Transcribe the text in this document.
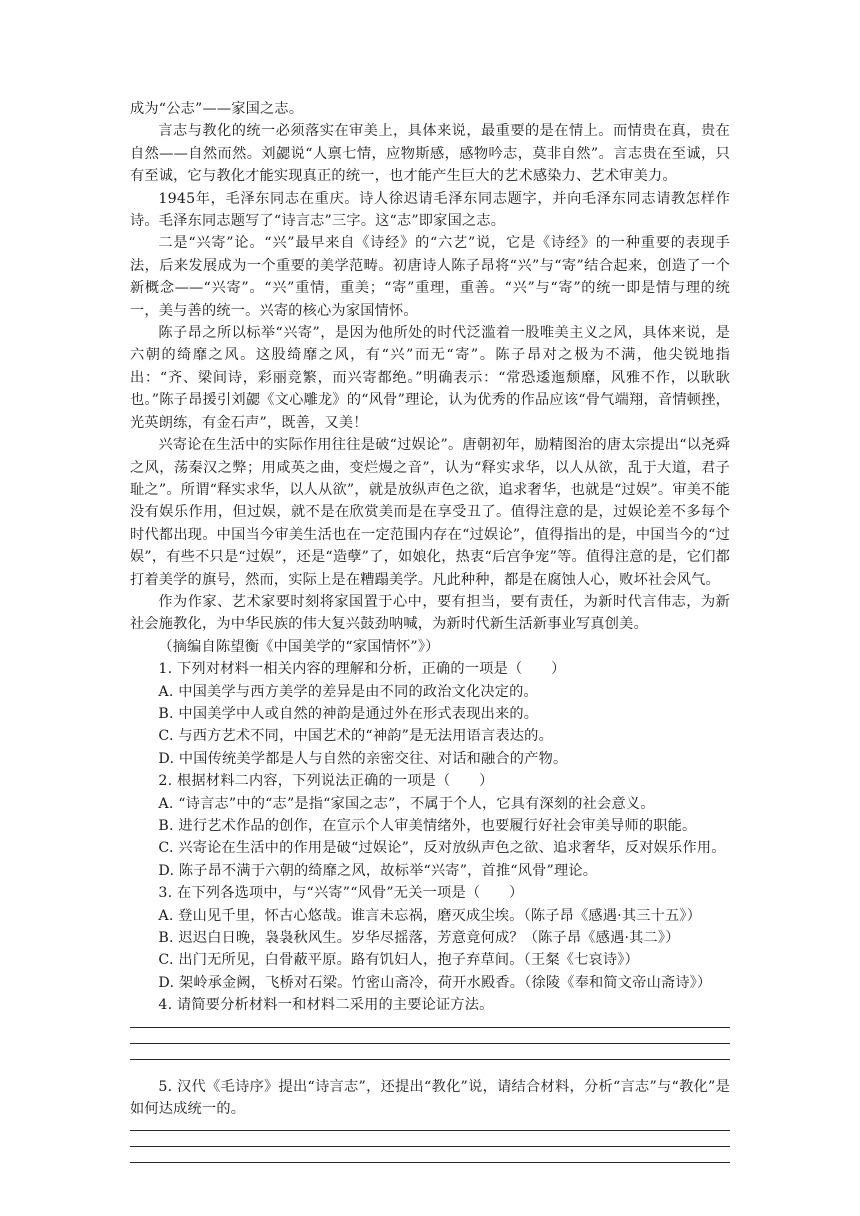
成为“公志”——家国之志。

言志与教化的统一必须落实在审美上，具体来说，最重要的是在情上。而情贵在真，贵在自然——自然而然。刘勰说“人禀七情，应物斯感，感物吟志，莫非自然”。言志贵在至诚，只有至诚，它与教化才能实现真正的统一，也才能产生巨大的艺术感染力、艺术审美力。

1945年，毛泽东同志在重庆。诗人徐迟请毛泽东同志题字，并向毛泽东同志请教怎样作诗。毛泽东同志题写了“诗言志”三字。这“志”即家国之志。

二是“兴寄”论。“兴”最早来自《诗经》的“六艺”说，它是《诗经》的一种重要的表现手法，后来发展成为一个重要的美学范畴。初唐诗人陈子昂将“兴”与“寄”结合起来，创造了一个新概念——“兴寄”。“兴”重情，重美；“寄”重理，重善。“兴”与“寄”的统一即是情与理的统一，美与善的统一。兴寄的核心为家国情怀。

陈子昂之所以标举“兴寄”，是因为他所处的时代泛滥着一股唯美主义之风，具体来说，是六朝的绮靡之风。这股绮靡之风，有“兴”而无“寄”。陈子昂对之极为不满，他尖锐地指出：“齐、梁间诗，彩丽竞繁，而兴寄都绝。”明确表示：“常恐逶迤颓靡，风雅不作，以耿耿也。”陈子昂援引刘勰《文心雕龙》的“风骨”理论，认为优秀的作品应该“骨气端翔，音情顿挫，光英朗练，有金石声”，既善，又美！

兴寄论在生活中的实际作用往往是破“过娱论”。唐朝初年，励精图治的唐太宗提出“以尧舜之风，荡秦汉之弊；用咸英之曲，变烂熳之音”，认为“释实求华，以人从欲，乱于大道，君子耻之”。所谓“释实求华，以人从欲”，就是放纵声色之欲，追求奢华，也就是“过娱”。审美不能没有娱乐作用，但过娱，就不是在欣赏美而是在享受丑了。值得注意的是，过娱论差不多每个时代都出现。中国当今审美生活也在一定范围内存在“过娱论”，值得指出的是，中国当今的“过娱”，有些不只是“过娱”，还是“造孽”了，如娘化，热衷“后宫争宠”等。值得注意的是，它们都打着美学的旗号，然而，实际上是在糟蹋美学。凡此种种，都是在腐蚀人心，败坏社会风气。

作为作家、艺术家要时刻将家国置于心中，要有担当，要有责任，为新时代言伟志，为新社会施教化，为中华民族的伟大复兴鼓劲呐喊，为新时代新生活新事业写真创美。

（摘编自陈望衡《中国美学的“家国情怀”》）

1. 下列对材料一相关内容的理解和分析，正确的一项是（　　）

A. 中国美学与西方美学的差异是由不同的政治文化决定的。

B. 中国美学中人或自然的神韵是通过外在形式表现出来的。

C. 与西方艺术不同，中国艺术的“神韵”是无法用语言表达的。

D. 中国传统美学都是人与自然的亲密交往、对话和融合的产物。

2. 根据材料二内容，下列说法正确的一项是（　　）

A. “诗言志”中的“志”是指“家国之志”，不属于个人，它具有深刻的社会意义。

B. 进行艺术作品的创作，在宣示个人审美情绪外，也要履行好社会审美导师的职能。

C. 兴寄论在生活中的作用是破“过娱论”，反对放纵声色之欲、追求奢华，反对娱乐作用。

D. 陈子昂不满于六朝的绮靡之风，故标举“兴寄”，首推“风骨”理论。

3. 在下列各选项中，与“兴寄”“风骨”无关一项是（　　）

A. 登山见千里，怀古心悠哉。谁言未忘祸，磨灭成尘埃。（陈子昂《感遇·其三十五》）

B. 迟迟白日晚，袅袅秋风生。岁华尽摇落，芳意竟何成？（陈子昂《感遇·其二》）

C. 出门无所见，白骨蔽平原。路有饥妇人，抱子弃草间。（王粲《七哀诗》）

D. 架岭承金阙，飞桥对石梁。竹密山斋冷，荷开水殿香。（徐陵《奉和简文帝山斋诗》）

4. 请简要分析材料一和材料二采用的主要论证方法。

5. 汉代《毛诗序》提出“诗言志”，还提出“教化”说，请结合材料，分析“言志”与“教化”是如何达成统一的。
